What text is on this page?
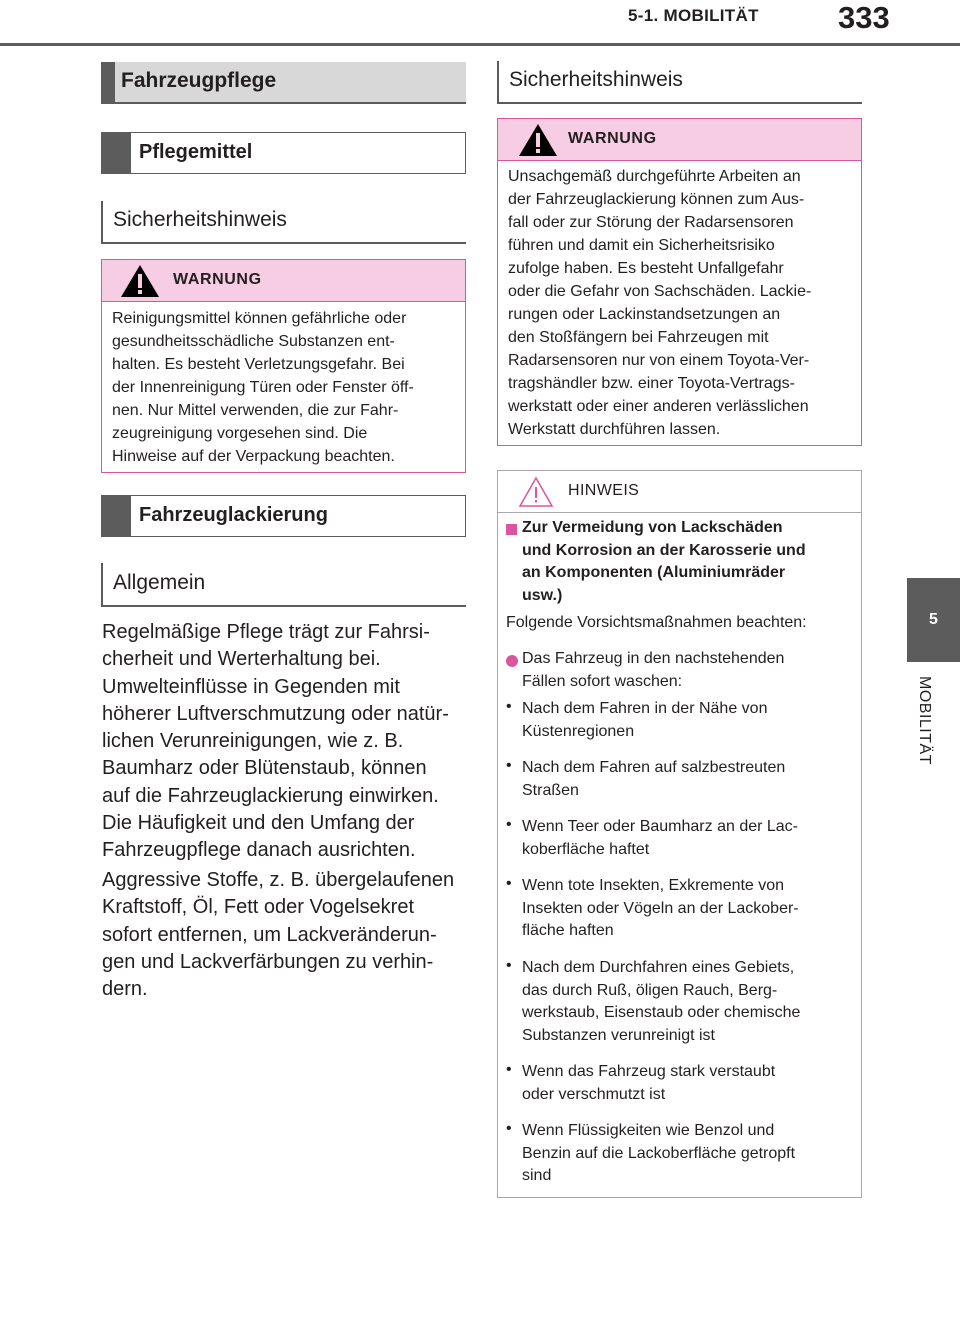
5-1. MOBILITÄT	333
5
MOBILITÄT
Fahrzeugpflege
Pflegemittel
Sicherheitshinweis
WARNUNG
Reinigungsmittel können gefährliche oder
gesundheitsschädliche Substanzen ent-
halten. Es besteht Verletzungsgefahr. Bei
der Innenreinigung Türen oder Fenster öff-
nen. Nur Mittel verwenden, die zur Fahr-
zeugreinigung vorgesehen sind. Die
Hinweise auf der Verpackung beachten.
Fahrzeuglackierung
Allgemein
Regelmäßige Pflege trägt zur Fahrsi-
cherheit und Werterhaltung bei.
Umwelteinflüsse in Gegenden mit
höherer Luftverschmutzung oder natür-
lichen Verunreinigungen, wie z. B.
Baumharz oder Blütenstaub, können
auf die Fahrzeuglackierung einwirken.
Die Häufigkeit und den Umfang der
Fahrzeugpflege danach ausrichten.
Aggressive Stoffe, z. B. übergelaufenen
Kraftstoff, Öl, Fett oder Vogelsekret
sofort entfernen, um Lackveränderun-
gen und Lackverfärbungen zu verhin-
dern.
Sicherheitshinweis
WARNUNG
Unsachgemäß durchgeführte Arbeiten an
der Fahrzeuglackierung können zum Aus-
fall oder zur Störung der Radarsensoren
führen und damit ein Sicherheitsrisiko
zufolge haben. Es besteht Unfallgefahr
oder die Gefahr von Sachschäden. Lackie-
rungen oder Lackinstandsetzungen an
den Stoßfängern bei Fahrzeugen mit
Radarsensoren nur von einem Toyota-Ver-
tragshändler bzw. einer Toyota-Vertrags-
werkstatt oder einer anderen verlässlichen
Werkstatt durchführen lassen.
HINWEIS
Zur Vermeidung von Lackschäden
und Korrosion an der Karosserie und
an Komponenten (Aluminiumräder
usw.)
Folgende Vorsichtsmaßnahmen beachten:
Das Fahrzeug in den nachstehenden
Fällen sofort waschen:
• Nach dem Fahren in der Nähe von
Küstenregionen
• Nach dem Fahren auf salzbestreuten
Straßen
• Wenn Teer oder Baumharz an der Lac-
koberfläche haftet
• Wenn tote Insekten, Exkremente von
Insekten oder Vögeln an der Lackober-
fläche haften
• Nach dem Durchfahren eines Gebiets,
das durch Ruß, öligen Rauch, Berg-
werkstaub, Eisenstaub oder chemische
Substanzen verunreinigt ist
• Wenn das Fahrzeug stark verstaubt
oder verschmutzt ist
• Wenn Flüssigkeiten wie Benzol und
Benzin auf die Lackoberfläche getropft
sind
